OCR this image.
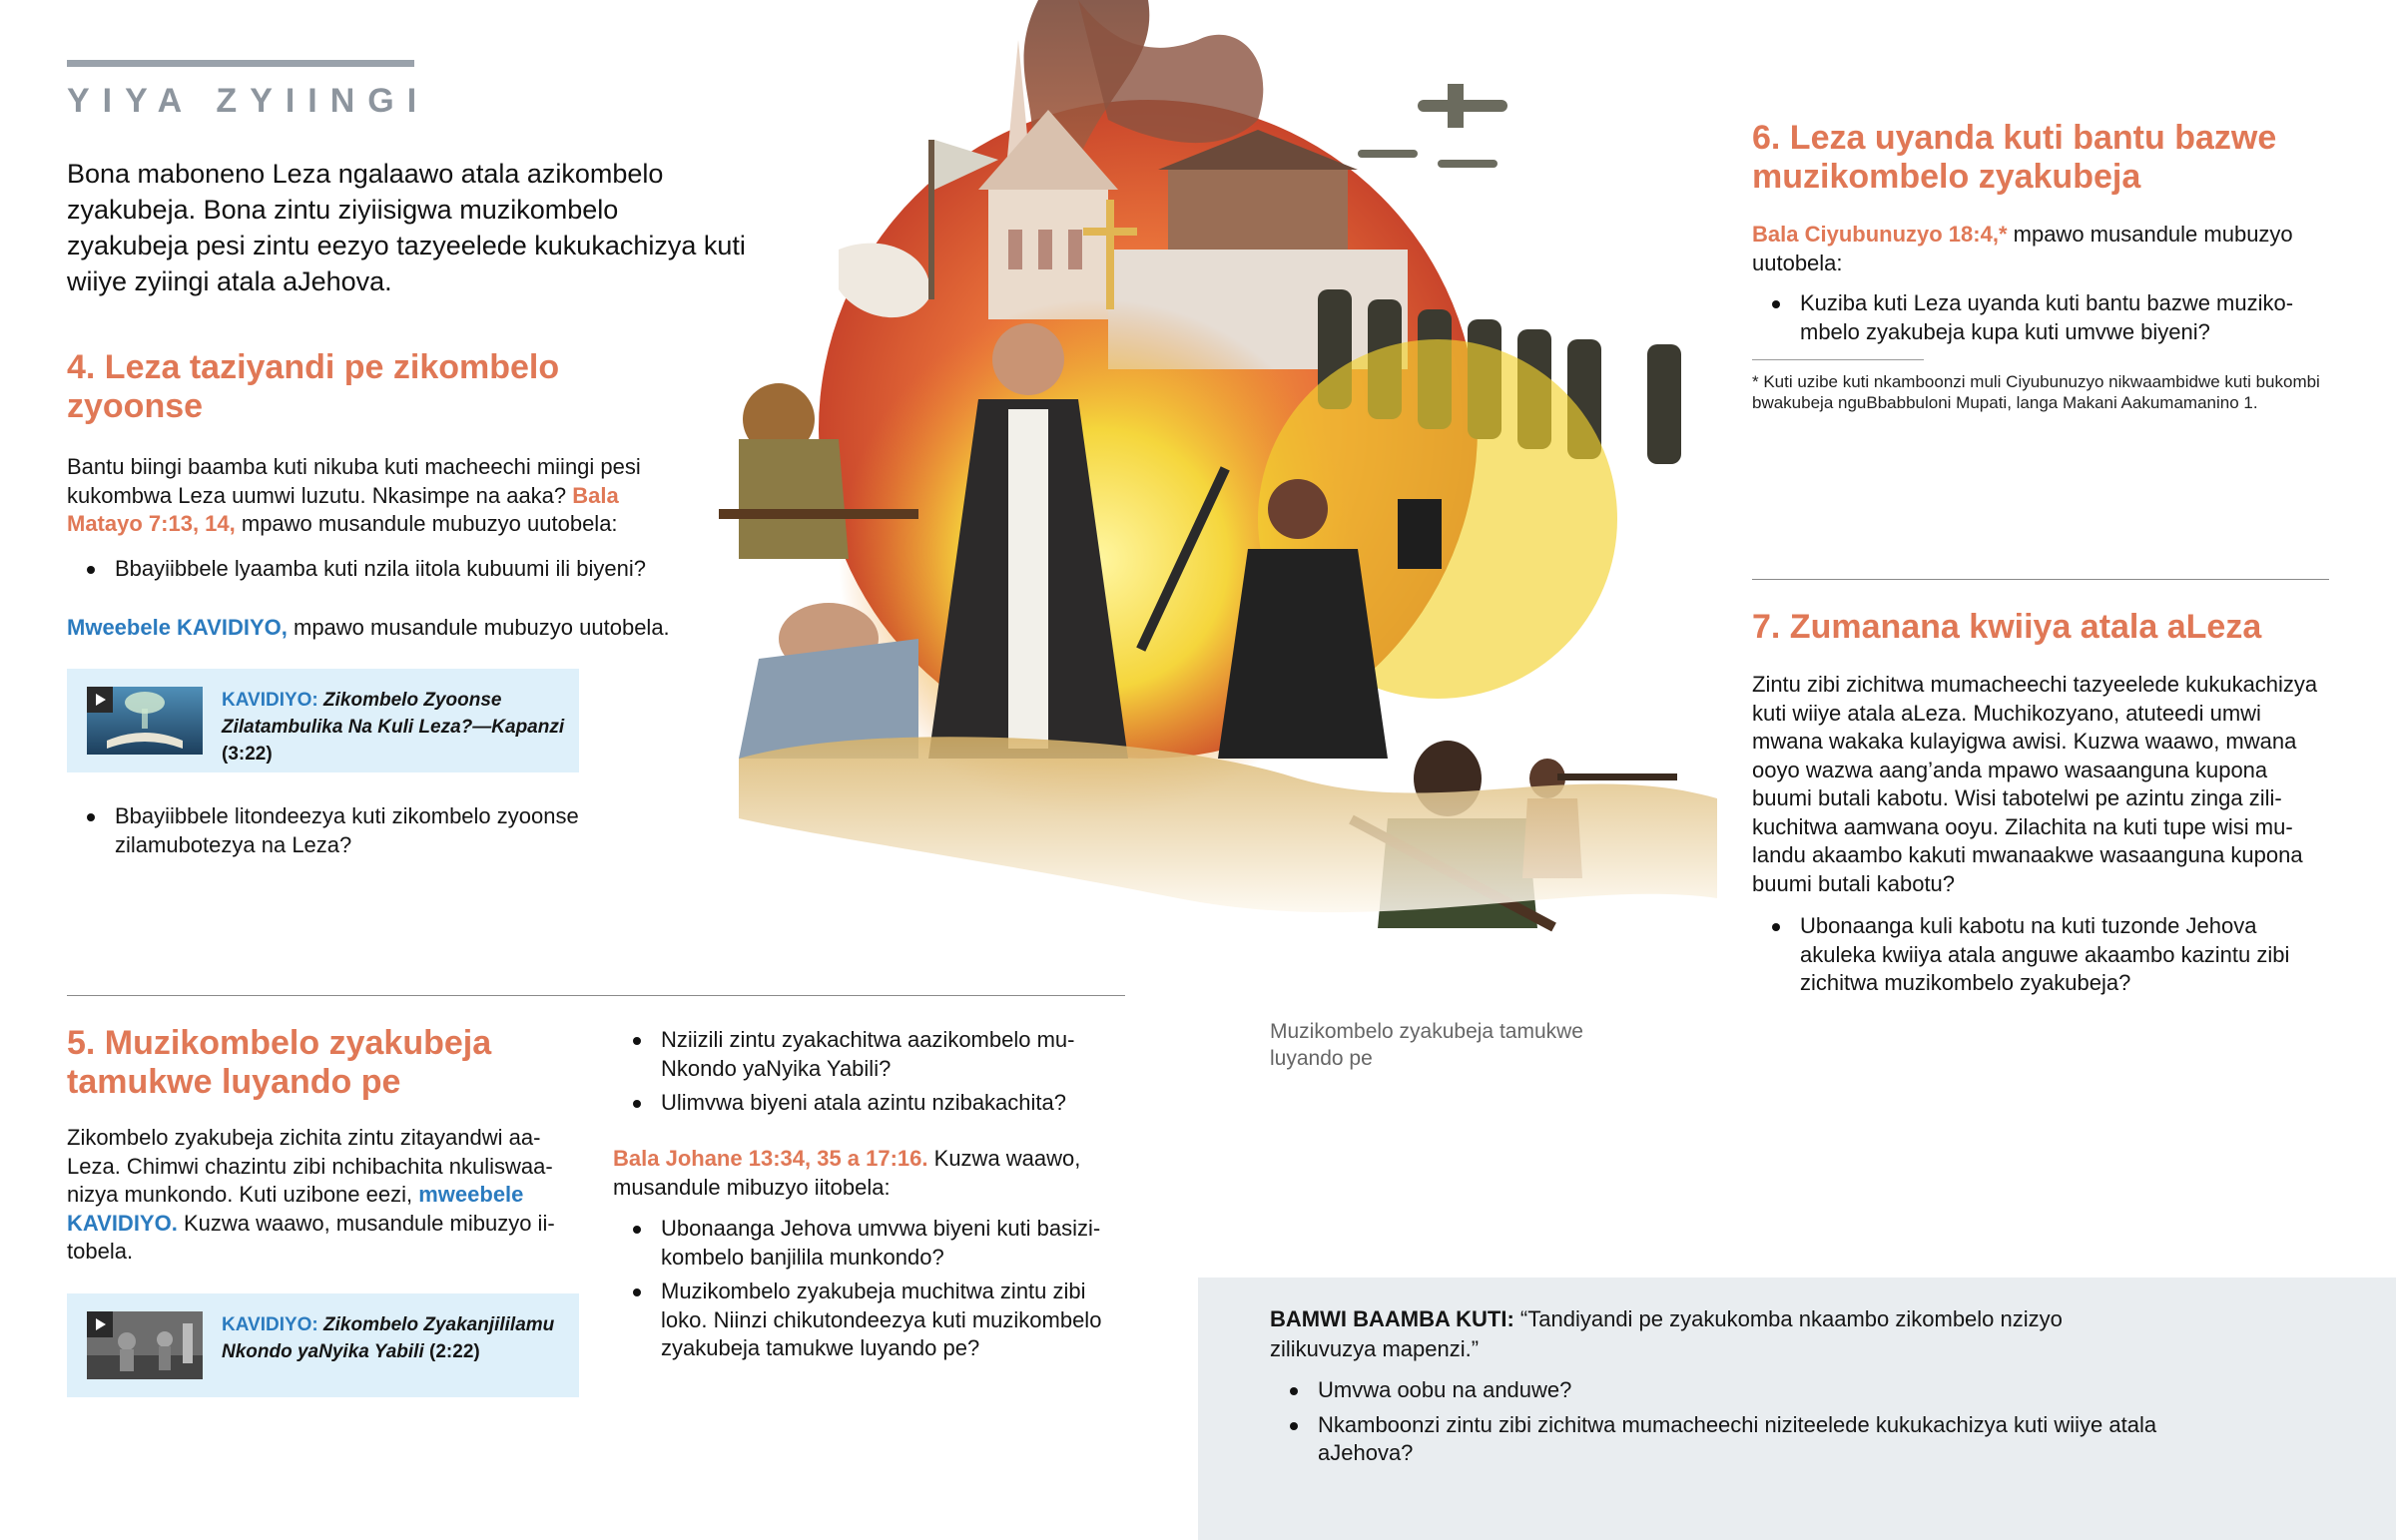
YIYA ZYIINGI
Bona maboneno Leza ngalaawo atala azikombelo zyakubeja. Bona zintu ziyiisigwa muzikombelo zyakubeja pesi zintu eezyo tazyeelede kukukachizya kuti wiiye zyiingi atala aJehova.
4. Leza taziyandi pe zikombelo zyoonse
Bantu biingi baamba kuti nikuba kuti macheechi miingi pesi kukombwa Leza uumwi luzutu. Nkasimpe na aaka? Bala Matayo 7:13, 14, mpawo musandule mubuzyo uutobela:
Bbayiibbele lyaamba kuti nzila iitola kubuumi ili biyeni?
Mweebele KAVIDIYO, mpawo musandule mubuzyo uutobela.
KAVIDIYO: Zikombelo Zyoonse Zilatambulika Na Kuli Leza?—Kapanzi
(3:22)
Bbayiibbele litondeezya kuti zikombelo zyoonse zilamubotezya na Leza?
5. Muzikombelo zyakubeja tamukwe luyando pe
Zikombelo zyakubeja zichita zintu zitayandwi aaLeza. Chimwi chazintu zibi nchibachita nkuliswaanizya munkondo. Kuti uzibone eezi, mweebele KAVIDIYO. Kuzwa waawo, musandule mibuzyo iitobela.
KAVIDIYO: Zikombelo Zyakanjililamu Nkondo yaNyika Yabili (2:22)
Nziizili zintu zyakachitwa aazikombelo muNkondo yaNyika Yabili?
Ulimvwa biyeni atala azintu nzibakachita?
Bala Johane 13:34, 35 a 17:16. Kuzwa waawo, musandule mibuzyo iitobela:
Ubonaanga Jehova umvwa biyeni kuti basizikombelo banjilila munkondo?
Muzikombelo zyakubeja muchitwa zintu zibi loko. Niinzi chikutondeezya kuti muzikombelo zyakubeja tamukwe luyando pe?
Muzikombelo zyakubeja tamukwe luyando pe
6. Leza uyanda kuti bantu bazwe muzikombelo zyakubeja
Bala Ciyubunuzyo 18:4,* mpawo musandule mubuzyo uutobela:
Kuziba kuti Leza uyanda kuti bantu bazwe muzikombelo zyakubeja kupa kuti umvwe biyeni?
* Kuti uzibe kuti nkamboonzi muli Ciyubunuzyo nikwaambidwe kuti bukombi bwakubeja nguBbabbuloni Mupati, langa Makani Aakumamanino 1.
7. Zumanana kwiiya atala aLeza
Zintu zibi zichitwa mumacheechi tazyeelede kukukachizya kuti wiiye atala aLeza. Muchikozyano, atuteedi umwi mwana wakaka kulayigwa awisi. Kuzwa waawo, mwana ooyo wazwa aang’anda mpawo wasaanguna kupona buumi butali kabotu. Wisi tabotelwi pe azintu zinga zilikuchitwa aamwana ooyu. Zilachita na kuti tupe wisi mulandu akaambo kakuti mwanaakwe wasaanguna kupona buumi butali kabotu?
Ubonaanga kuli kabotu na kuti tuzonde Jehova akuleka kwiiya atala anguwe akaambo kazintu zibi zichitwa muzikombelo zyakubeja?
BAMWI BAAMBA KUTI: “Tandiyandi pe zyakukomba nkaambo zikombelo nzizyo zilikuvuzya mapenzi.”
Umvwa oobu na anduwe?
Nkamboonzi zintu zibi zichitwa mumacheechi niziteelede kukukachizya kuti wiiye atala aJehova?
